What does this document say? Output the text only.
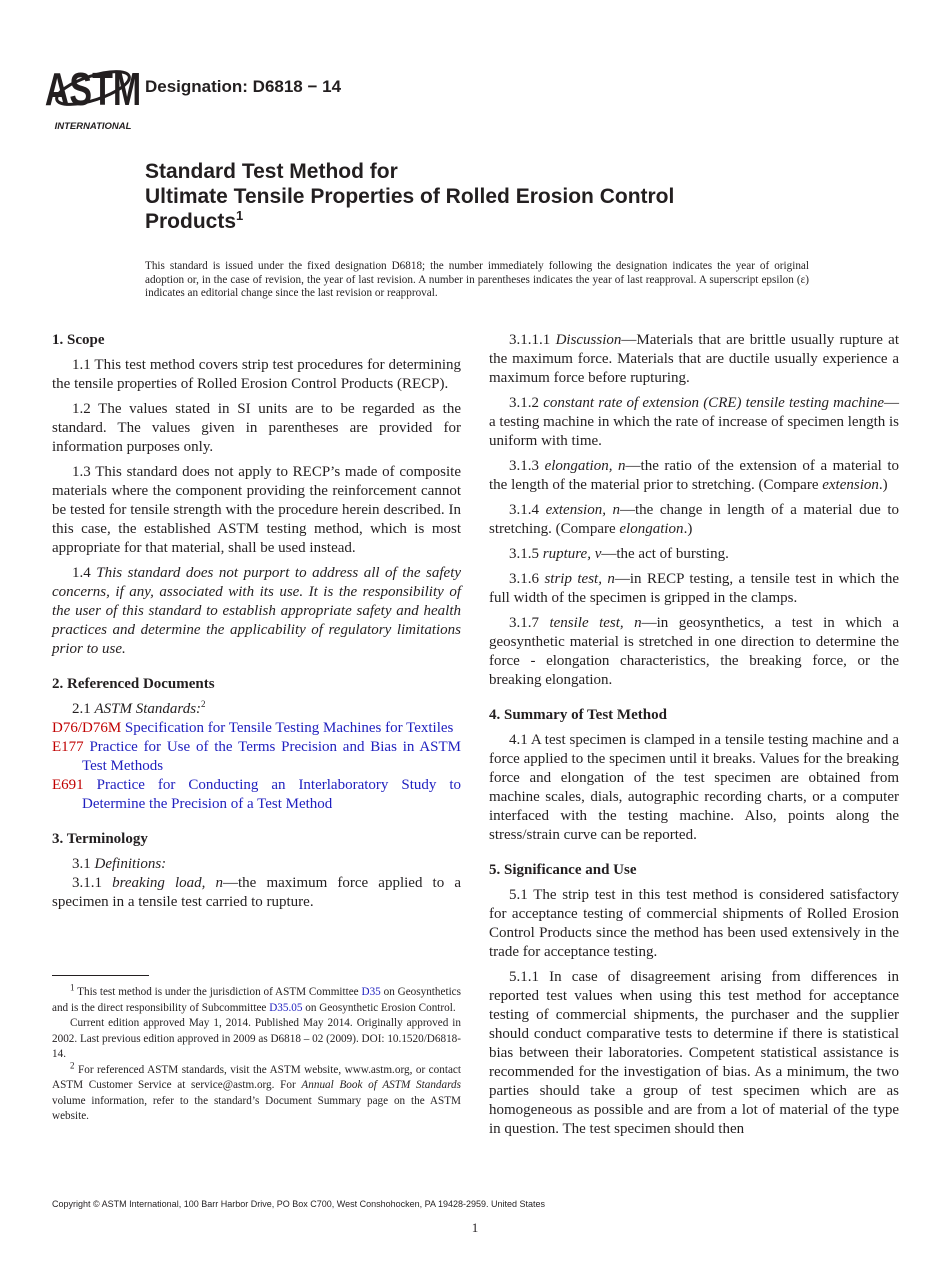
ASTM
INTERNATIONAL
Designation: D6818 − 14
Standard Test Method for
Ultimate Tensile Properties of Rolled Erosion Control
Products$^1$
This standard is issued under the fixed designation D6818; the number immediately following the designation indicates the year of original adoption or, in the case of revision, the year of last revision. A number in parentheses indicates the year of last reapproval. A superscript epsilon (ε) indicates an editorial change since the last revision or reapproval.
1. Scope

1.1 This test method covers strip test procedures for determining the tensile properties of Rolled Erosion Control Products (RECP).

1.2 The values stated in SI units are to be regarded as the standard. The values given in parentheses are provided for information purposes only.

1.3 This standard does not apply to RECP’s made of composite materials where the component providing the reinforcement cannot be tested for tensile strength with the procedure herein described. In this case, the established ASTM testing method, which is most appropriate for that material, shall be used instead.

1.4 This standard does not purport to address all of the safety concerns, if any, associated with its use. It is the responsibility of the user of this standard to establish appropriate safety and health practices and determine the applicability of regulatory limitations prior to use.

2. Referenced Documents

2.1 ASTM Standards:$^2$

D76/D76M Specification for Tensile Testing Machines for Textiles
E177 Practice for Use of the Terms Precision and Bias in ASTM Test Methods
E691 Practice for Conducting an Interlaboratory Study to Determine the Precision of a Test Method
3. Terminology

3.1 Definitions:

3.1.1 breaking load, n—the maximum force applied to a specimen in a tensile test carried to rupture.

3.1.1.1 Discussion—Materials that are brittle usually rupture at the maximum force. Materials that are ductile usually experience a maximum force before rupturing.

3.1.2 constant rate of extension (CRE) tensile testing machine—a testing machine in which the rate of increase of specimen length is uniform with time.

3.1.3 elongation, n—the ratio of the extension of a material to the length of the material prior to stretching. (Compare extension.)

3.1.4 extension, n—the change in length of a material due to stretching. (Compare elongation.)

3.1.5 rupture, v—the act of bursting.

3.1.6 strip test, n—in RECP testing, a tensile test in which the full width of the specimen is gripped in the clamps.

3.1.7 tensile test, n—in geosynthetics, a test in which a geosynthetic material is stretched in one direction to determine the force - elongation characteristics, the breaking force, or the breaking elongation.

4. Summary of Test Method

4.1 A test specimen is clamped in a tensile testing machine and a force applied to the specimen until it breaks. Values for the breaking force and elongation of the test specimen are obtained from machine scales, dials, autographic recording charts, or a computer interfaced with the testing machine. Also, points along the stress/strain curve can be reported.

5. Significance and Use

5.1 The strip test in this test method is considered satisfactory for acceptance testing of commercial shipments of Rolled Erosion Control Products since the method has been used extensively in the trade for acceptance testing.

5.1.1 In case of disagreement arising from differences in reported test values when using this test method for acceptance testing of commercial shipments, the purchaser and the supplier should conduct comparative tests to determine if there is statistical bias between their laboratories. Competent statistical assistance is recommended for the investigation of bias. As a minimum, the two parties should take a group of test specimen which are as homogeneous as possible and are from a lot of material of the type in question. The test specimen should then

$^1$ This test method is under the jurisdiction of ASTM Committee D35 on Geosynthetics and is the direct responsibility of Subcommittee D35.05 on Geosynthetic Erosion Control.

Current edition approved May 1, 2014. Published May 2014. Originally approved in 2002. Last previous edition approved in 2009 as D6818 – 02 (2009). DOI: 10.1520/D6818-14.

$^2$ For referenced ASTM standards, visit the ASTM website, www.astm.org, or contact ASTM Customer Service at service@astm.org. For Annual Book of ASTM Standards volume information, refer to the standard’s Document Summary page on the ASTM website.

Copyright © ASTM International, 100 Barr Harbor Drive, PO Box C700, West Conshohocken, PA 19428-2959. United States
1
